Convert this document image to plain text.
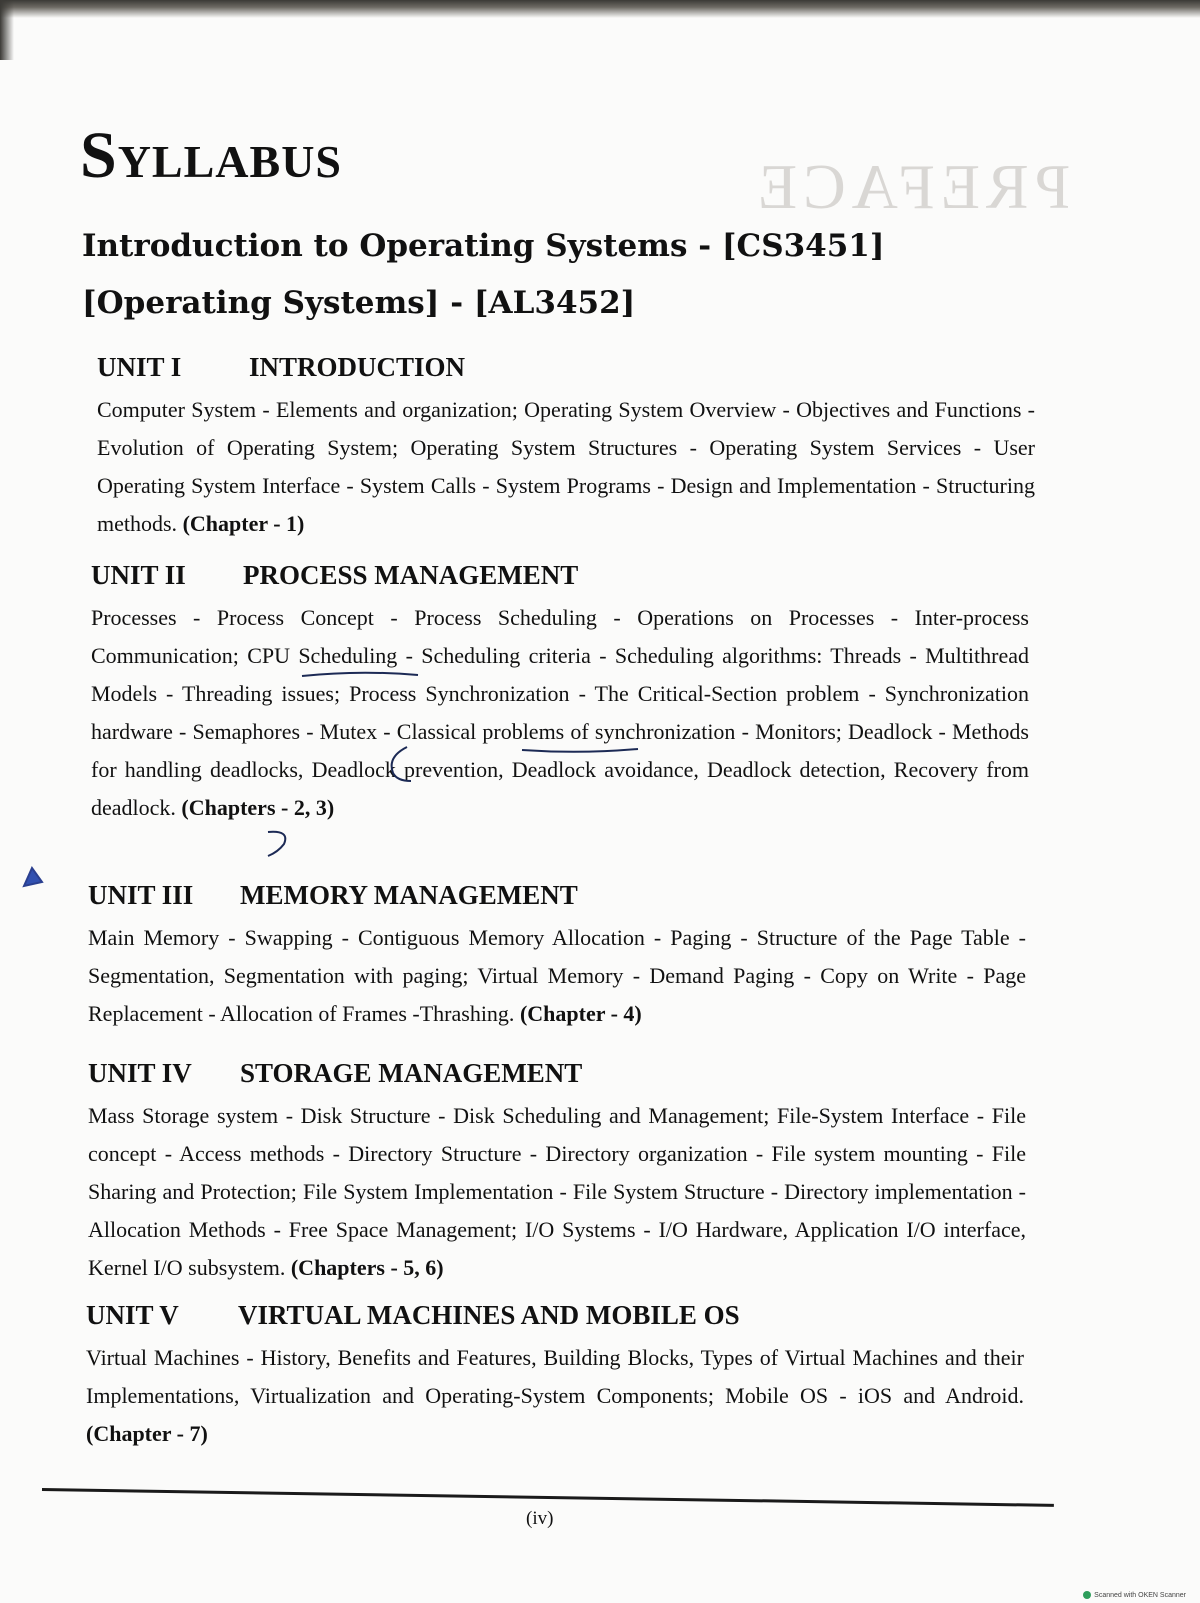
PREFACE
Syllabus
Introduction to Operating Systems - [CS3451]
[Operating Systems] - [AL3452]
UNIT I	INTRODUCTION
Computer System - Elements and organization; Operating System Overview - Objectives and Functions - Evolution of Operating System; Operating System Structures - Operating System Services - User Operating System Interface - System Calls - System Programs - Design and Implementation - Structuring methods. (Chapter - 1)
UNIT II	PROCESS MANAGEMENT
Processes - Process Concept - Process Scheduling - Operations on Processes - Inter-process Communication; CPU Scheduling - Scheduling criteria - Scheduling algorithms: Threads - Multithread Models - Threading issues; Process Synchronization - The Critical-Section problem - Synchronization hardware - Semaphores - Mutex - Classical problems of synchronization - Monitors; Deadlock - Methods for handling deadlocks, Deadlock prevention, Deadlock avoidance, Deadlock detection, Recovery from deadlock. (Chapters - 2, 3)
UNIT III	MEMORY MANAGEMENT
Main Memory - Swapping - Contiguous Memory Allocation - Paging - Structure of the Page Table - Segmentation, Segmentation with paging; Virtual Memory - Demand Paging - Copy on Write - Page Replacement - Allocation of Frames -Thrashing. (Chapter - 4)
UNIT IV	STORAGE MANAGEMENT
Mass Storage system - Disk Structure - Disk Scheduling and Management; File-System Interface - File concept - Access methods - Directory Structure - Directory organization - File system mounting - File Sharing and Protection; File System Implementation - File System Structure - Directory implementation - Allocation Methods - Free Space Management; I/O Systems - I/O Hardware, Application I/O interface, Kernel I/O subsystem. (Chapters - 5, 6)
UNIT V	VIRTUAL MACHINES AND MOBILE OS
Virtual Machines - History, Benefits and Features, Building Blocks, Types of Virtual Machines and their Implementations, Virtualization and Operating-System Components; Mobile OS - iOS and Android. (Chapter - 7)
(iv)
Scanned with OKEN Scanner
